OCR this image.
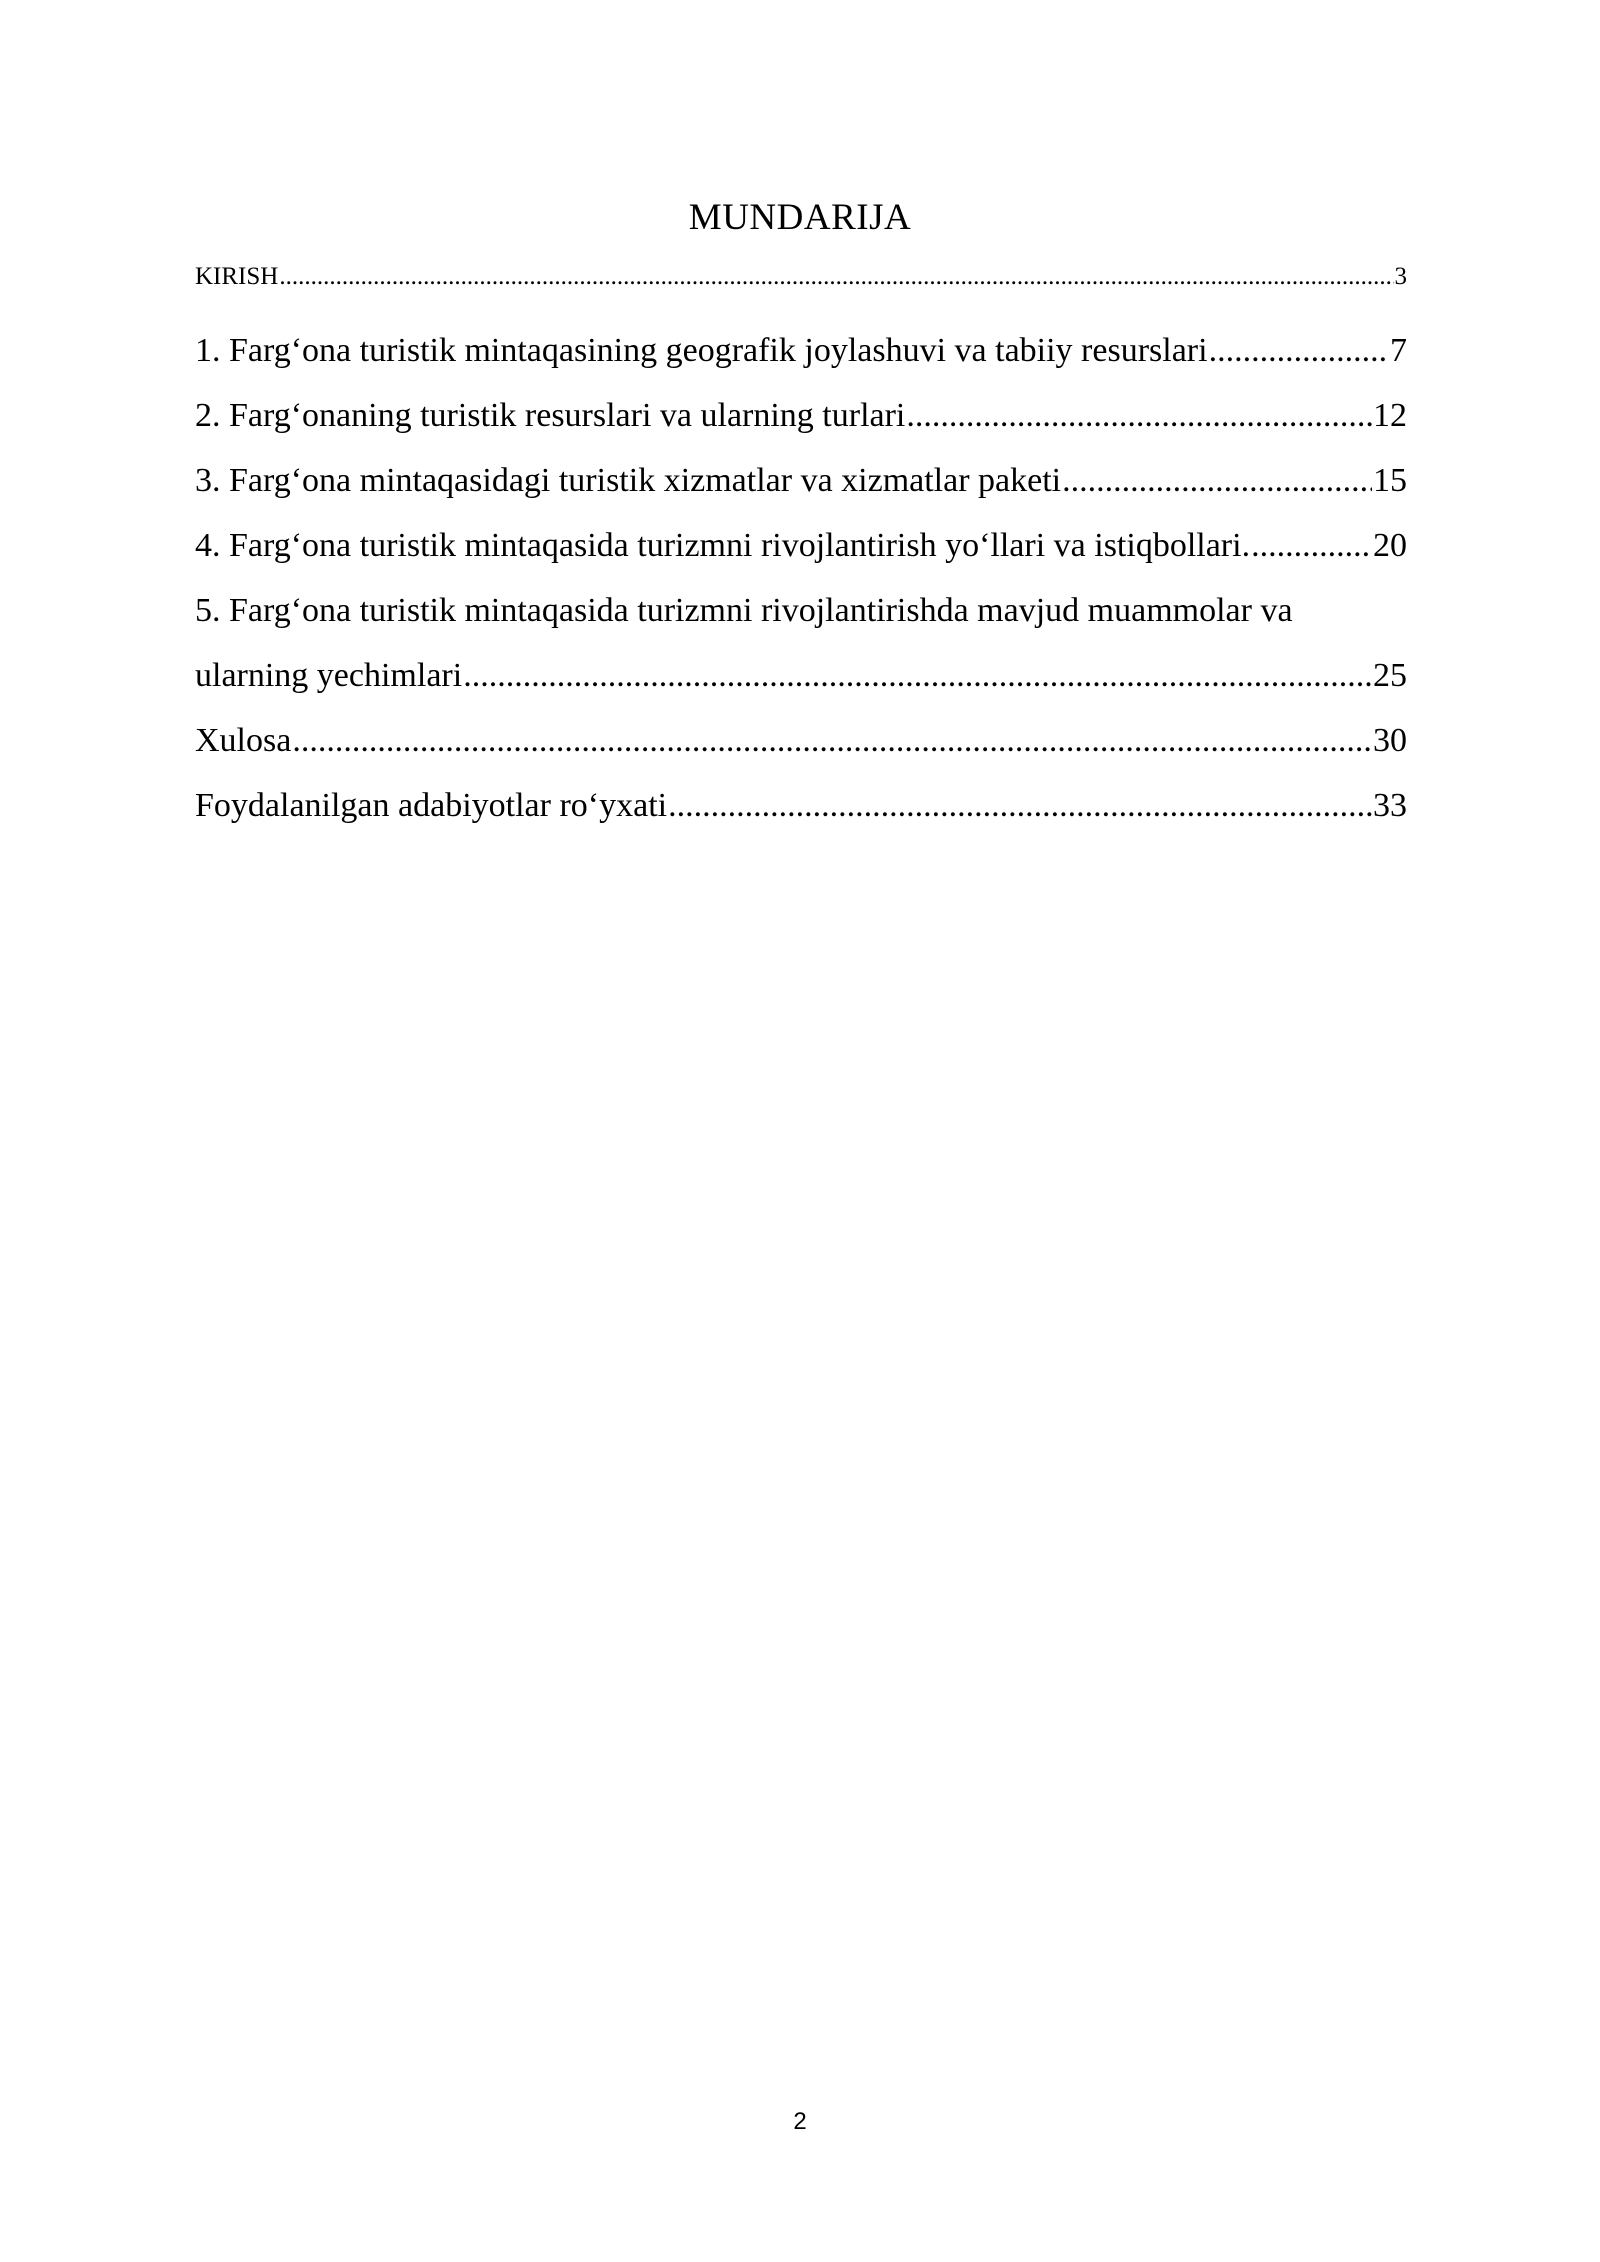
MUNDARIJA
KIRISH .....	3
1. Farg‘ona turistik mintaqasining geografik joylashuvi va tabiiy resurslari .....	7
2. Farg‘onaning turistik resurslari va ularning turlari .....	12
3. Farg‘ona mintaqasidagi turistik xizmatlar va xizmatlar paketi .....	15
4. Farg‘ona turistik mintaqasida turizmni rivojlantirish yo‘llari va istiqbollari. .....	20
5. Farg‘ona turistik mintaqasida turizmni rivojlantirishda mavjud muammolar va
ularning yechimlari .....	25
Xulosa .....	30
Foydalanilgan adabiyotlar ro‘yxati .....	33
2
